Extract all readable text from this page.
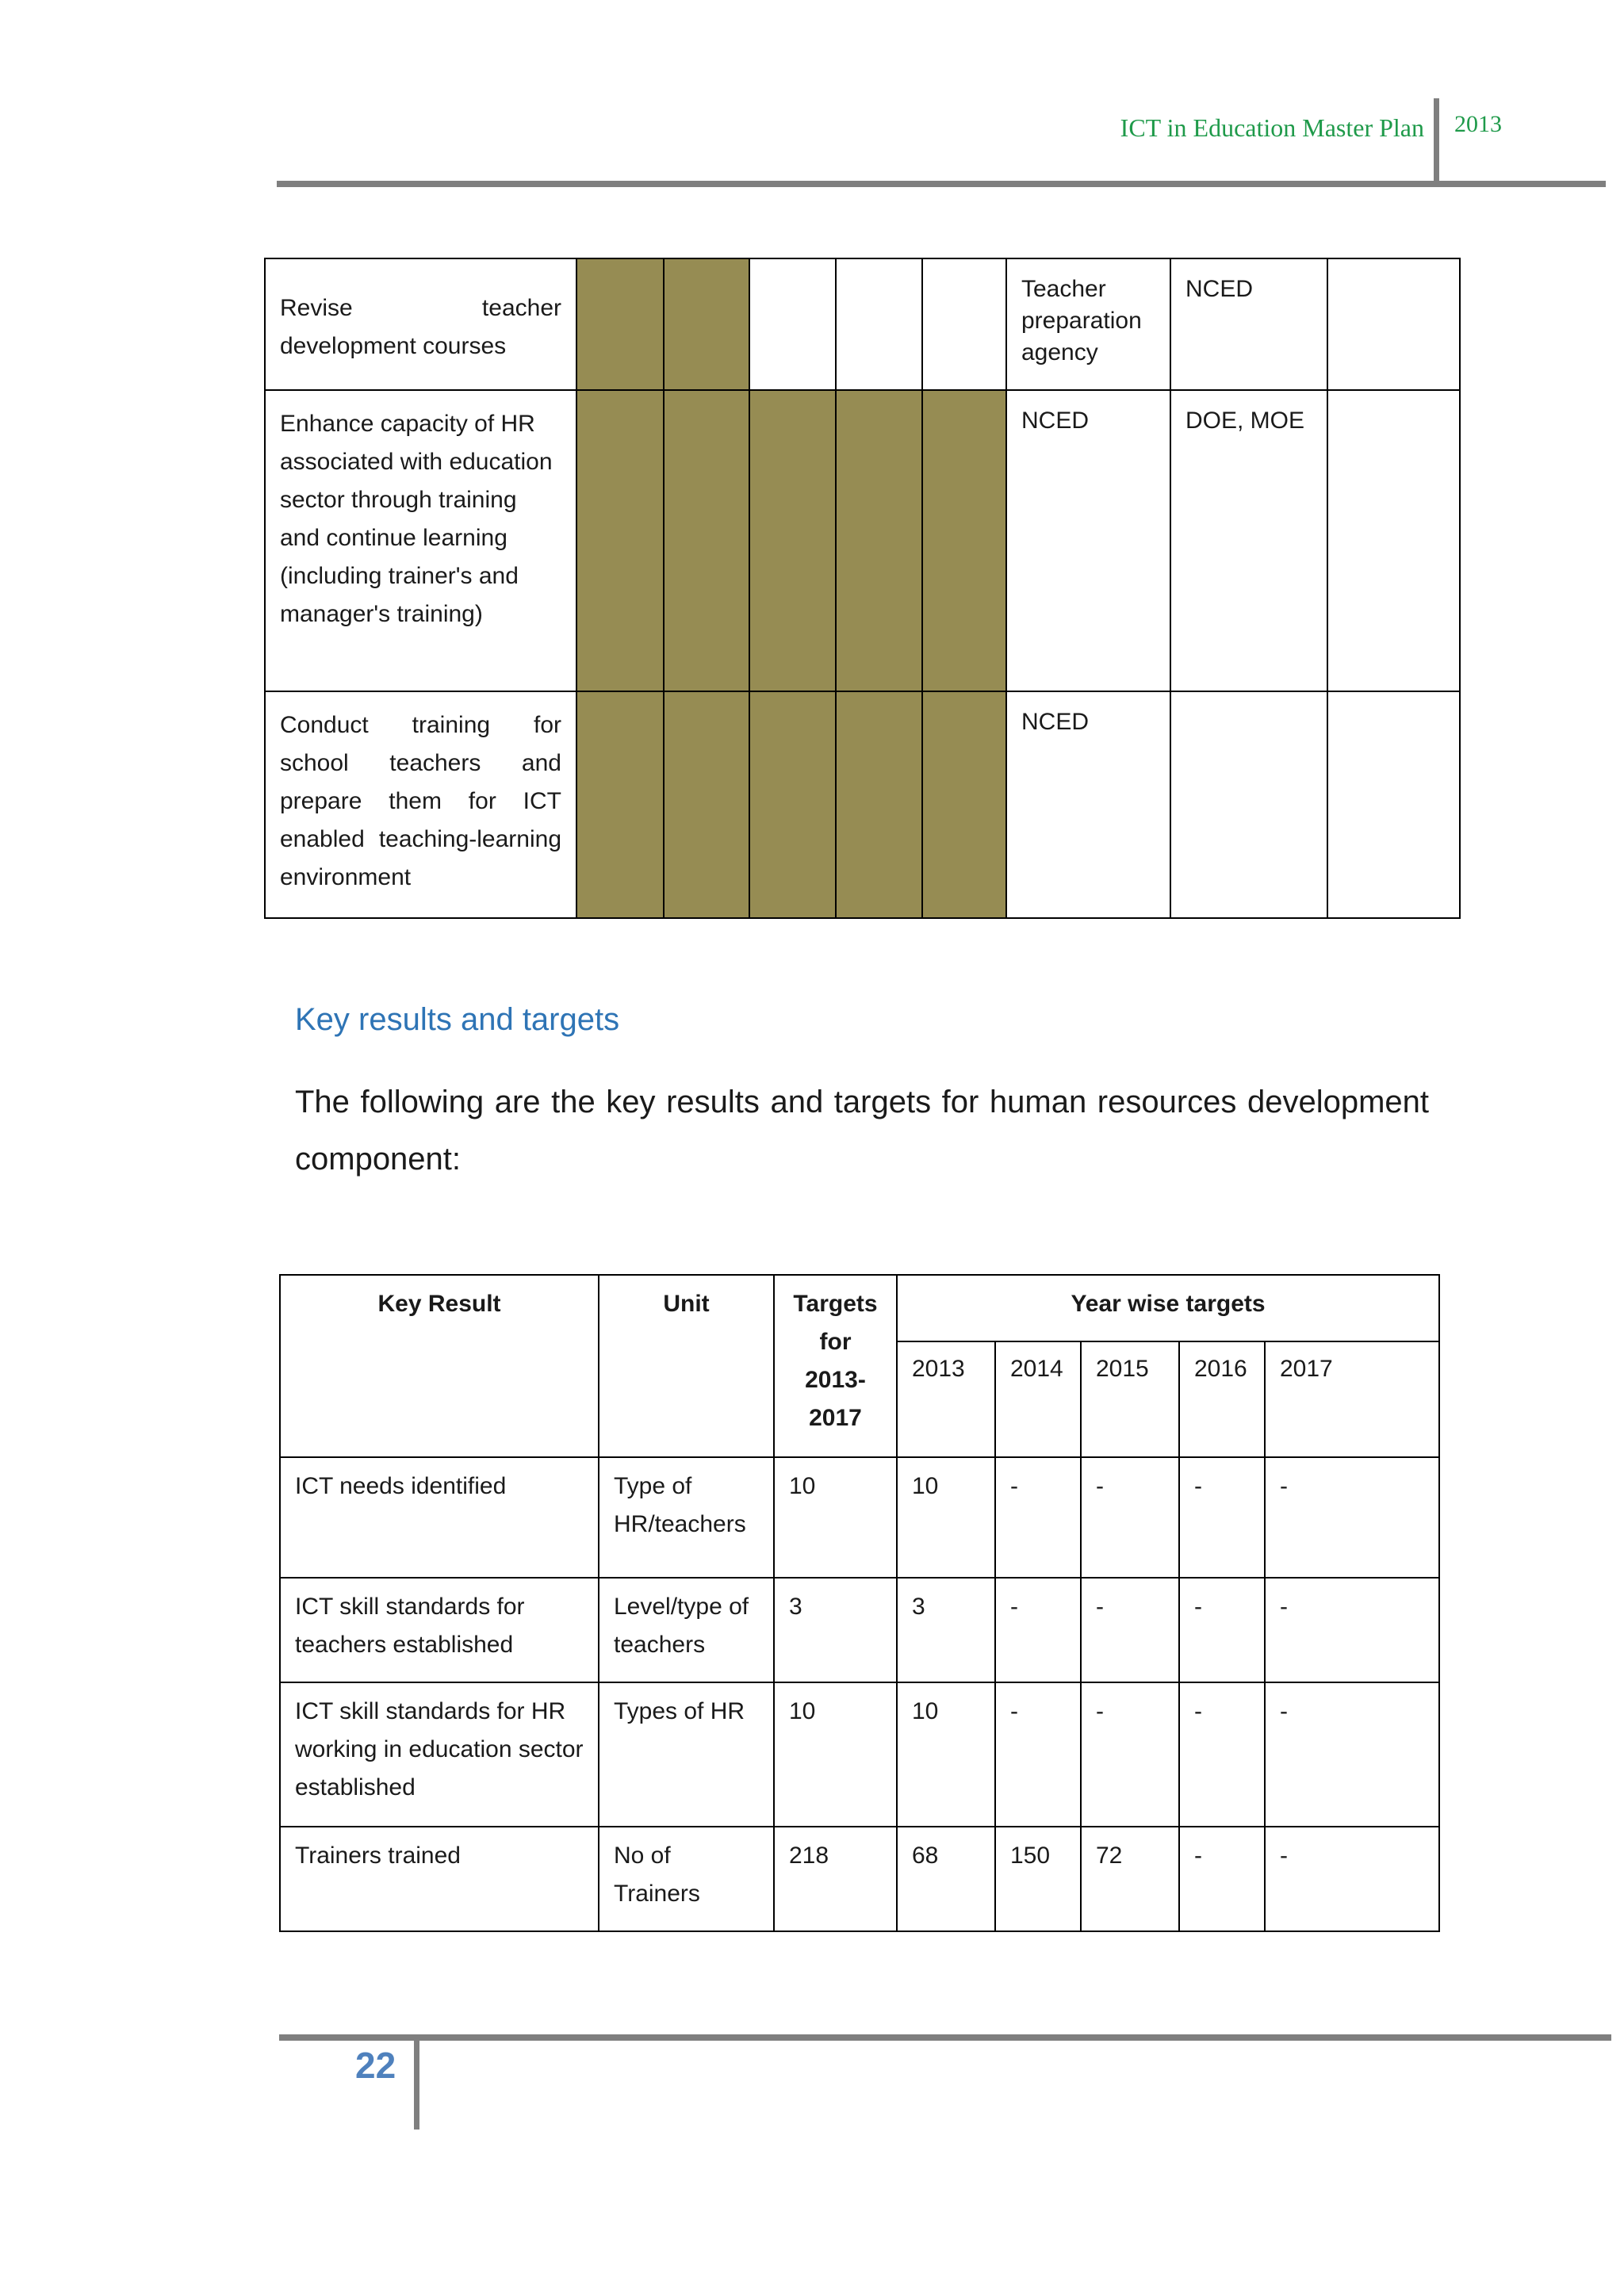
ICT in Education Master Plan 2013
Revise teacher development courses						Teacher preparation agency	NCED	
Enhance capacity of HR associated with education sector through training and continue learning (including trainer's and manager's training)						NCED	DOE, MOE	
Conduct training for school teachers and prepare them for ICT enabled teaching-learning environment						NCED		
Key results and targets
The following are the key results and targets for human resources development component:
Key Result	Unit	Targets for 2013-2017	Year wise targets				
			2013	2014	2015	2016	2017
ICT needs identified	Type of HR/teachers	10	10	-	-	-	-
ICT skill standards for teachers established	Level/type of teachers	3	3	-	-	-	-
ICT skill standards for HR working in education sector established	Types of HR	10	10	-	-	-	-
Trainers trained	No of Trainers	218	68	150	72	-	-
22
